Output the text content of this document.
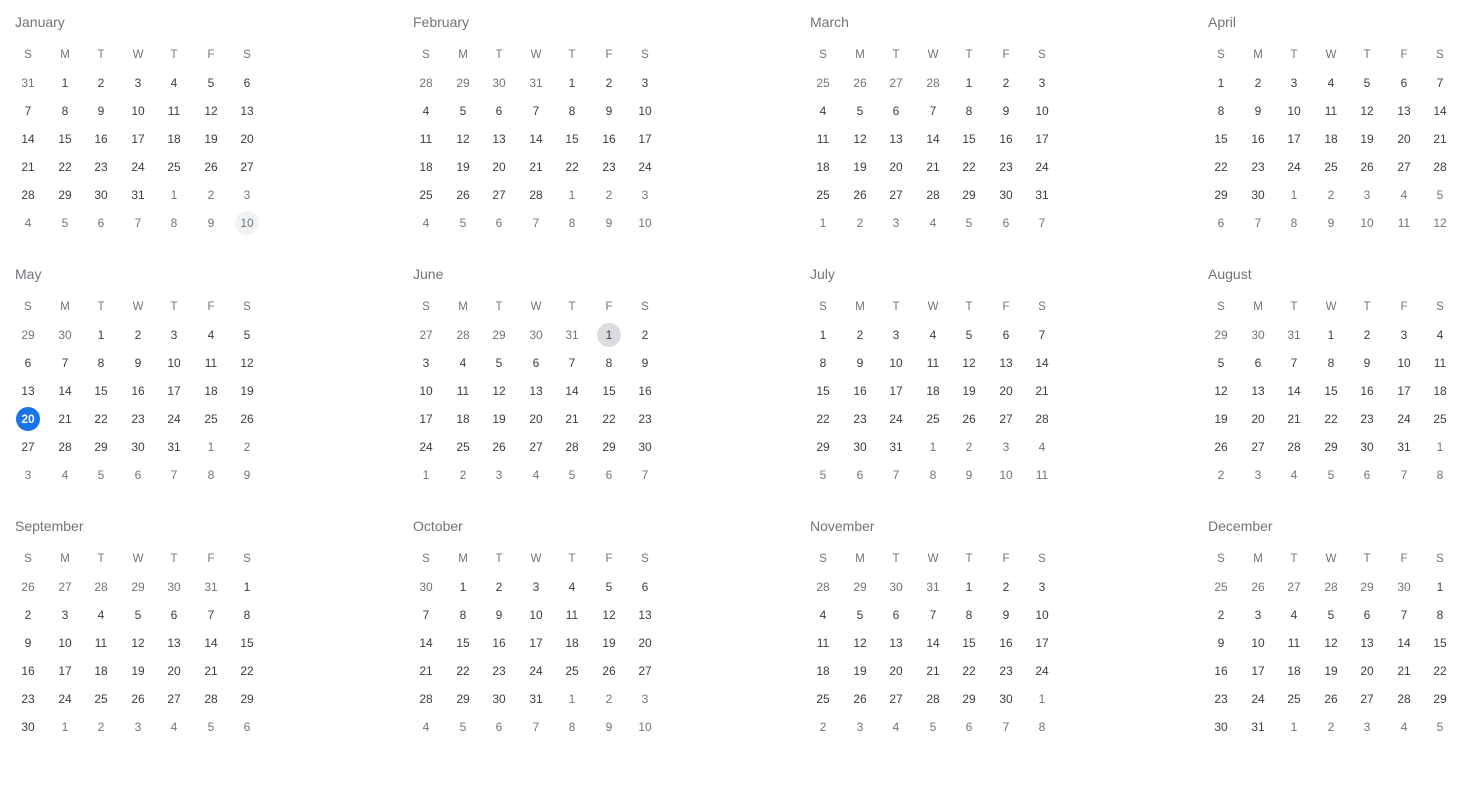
January
S	M	T	W	T	F	S
31	1	2	3	4	5	6
7	8	9	10	11	12	13
14	15	16	17	18	19	20
21	22	23	24	25	26	27
28	29	30	31	1	2	3
4	5	6	7	8	9	10
February
S	M	T	W	T	F	S
28	29	30	31	1	2	3
4	5	6	7	8	9	10
11	12	13	14	15	16	17
18	19	20	21	22	23	24
25	26	27	28	1	2	3
4	5	6	7	8	9	10
March
S	M	T	W	T	F	S
25	26	27	28	1	2	3
4	5	6	7	8	9	10
11	12	13	14	15	16	17
18	19	20	21	22	23	24
25	26	27	28	29	30	31
1	2	3	4	5	6	7
April
S	M	T	W	T	F	S
1	2	3	4	5	6	7
8	9	10	11	12	13	14
15	16	17	18	19	20	21
22	23	24	25	26	27	28
29	30	1	2	3	4	5
6	7	8	9	10	11	12
May
S	M	T	W	T	F	S
29	30	1	2	3	4	5
6	7	8	9	10	11	12
13	14	15	16	17	18	19
20	21	22	23	24	25	26
27	28	29	30	31	1	2
3	4	5	6	7	8	9
June
S	M	T	W	T	F	S
27	28	29	30	31	1	2
3	4	5	6	7	8	9
10	11	12	13	14	15	16
17	18	19	20	21	22	23
24	25	26	27	28	29	30
1	2	3	4	5	6	7
July
S	M	T	W	T	F	S
1	2	3	4	5	6	7
8	9	10	11	12	13	14
15	16	17	18	19	20	21
22	23	24	25	26	27	28
29	30	31	1	2	3	4
5	6	7	8	9	10	11
August
S	M	T	W	T	F	S
29	30	31	1	2	3	4
5	6	7	8	9	10	11
12	13	14	15	16	17	18
19	20	21	22	23	24	25
26	27	28	29	30	31	1
2	3	4	5	6	7	8
September
S	M	T	W	T	F	S
26	27	28	29	30	31	1
2	3	4	5	6	7	8
9	10	11	12	13	14	15
16	17	18	19	20	21	22
23	24	25	26	27	28	29
30	1	2	3	4	5	6
October
S	M	T	W	T	F	S
30	1	2	3	4	5	6
7	8	9	10	11	12	13
14	15	16	17	18	19	20
21	22	23	24	25	26	27
28	29	30	31	1	2	3
4	5	6	7	8	9	10
November
S	M	T	W	T	F	S
28	29	30	31	1	2	3
4	5	6	7	8	9	10
11	12	13	14	15	16	17
18	19	20	21	22	23	24
25	26	27	28	29	30	1
2	3	4	5	6	7	8
December
S	M	T	W	T	F	S
25	26	27	28	29	30	1
2	3	4	5	6	7	8
9	10	11	12	13	14	15
16	17	18	19	20	21	22
23	24	25	26	27	28	29
30	31	1	2	3	4	5
